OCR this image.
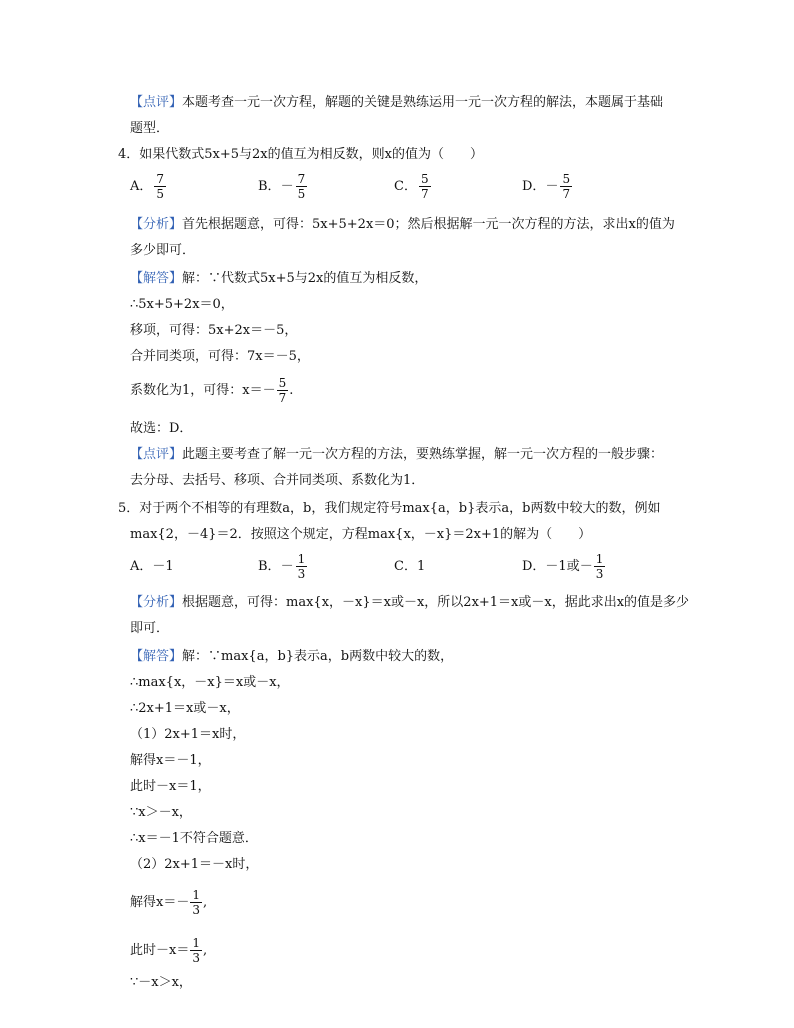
【点评】本题考查一元一次方程，解题的关键是熟练运用一元一次方程的解法，本题属于基础
题型．
4．如果代数式5x+5与2x的值互为相反数，则x的值为（　　）
A． $\frac{7}{5}$	B．－ $\frac{7}{5}$	C． $\frac{5}{7}$	D．－ $\frac{5}{7}$
【分析】首先根据题意，可得：5x+5+2x＝0；然后根据解一元一次方程的方法，求出x的值为
多少即可．
【解答】解：∵代数式5x+5与2x的值互为相反数，
∴5x+5+2x＝0，
移项，可得：5x+2x＝－5，
合并同类项，可得：7x＝－5，
系数化为1，可得：$x=- \frac{5}{7}$ .
故选：D．
【点评】此题主要考查了解一元一次方程的方法，要熟练掌握，解一元一次方程的一般步骤：
去分母、去括号、移项、合并同类项、系数化为1．
5．对于两个不相等的有理数a，b，我们规定符号max{a，b}表示a，b两数中较大的数，例如
max{2，－4}＝2．按照这个规定，方程max{x，－x}＝2x+1的解为（　　）
A．－1	B．－ $\frac{1}{3}$	C．1	D．－1或－ $\frac{1}{3}$
【分析】根据题意，可得：max{x，－x}＝x或－x，所以2x+1＝x或－x，据此求出x的值是多少
即可．
【解答】解：∵max{a，b}表示a，b两数中较大的数，
∴max{x，－x}＝x或－x，
∴2x+1＝x或－x，
（1）2x+1＝x时，
解得x＝－1，
此时－x＝1，
∵x＞－x，
∴x＝－1不符合题意．
（2）2x+1＝－x时，
解得$x=- \frac{1}{3}$ ,
此时$-x= \frac{1}{3}$ ,
∵－x＞x，
